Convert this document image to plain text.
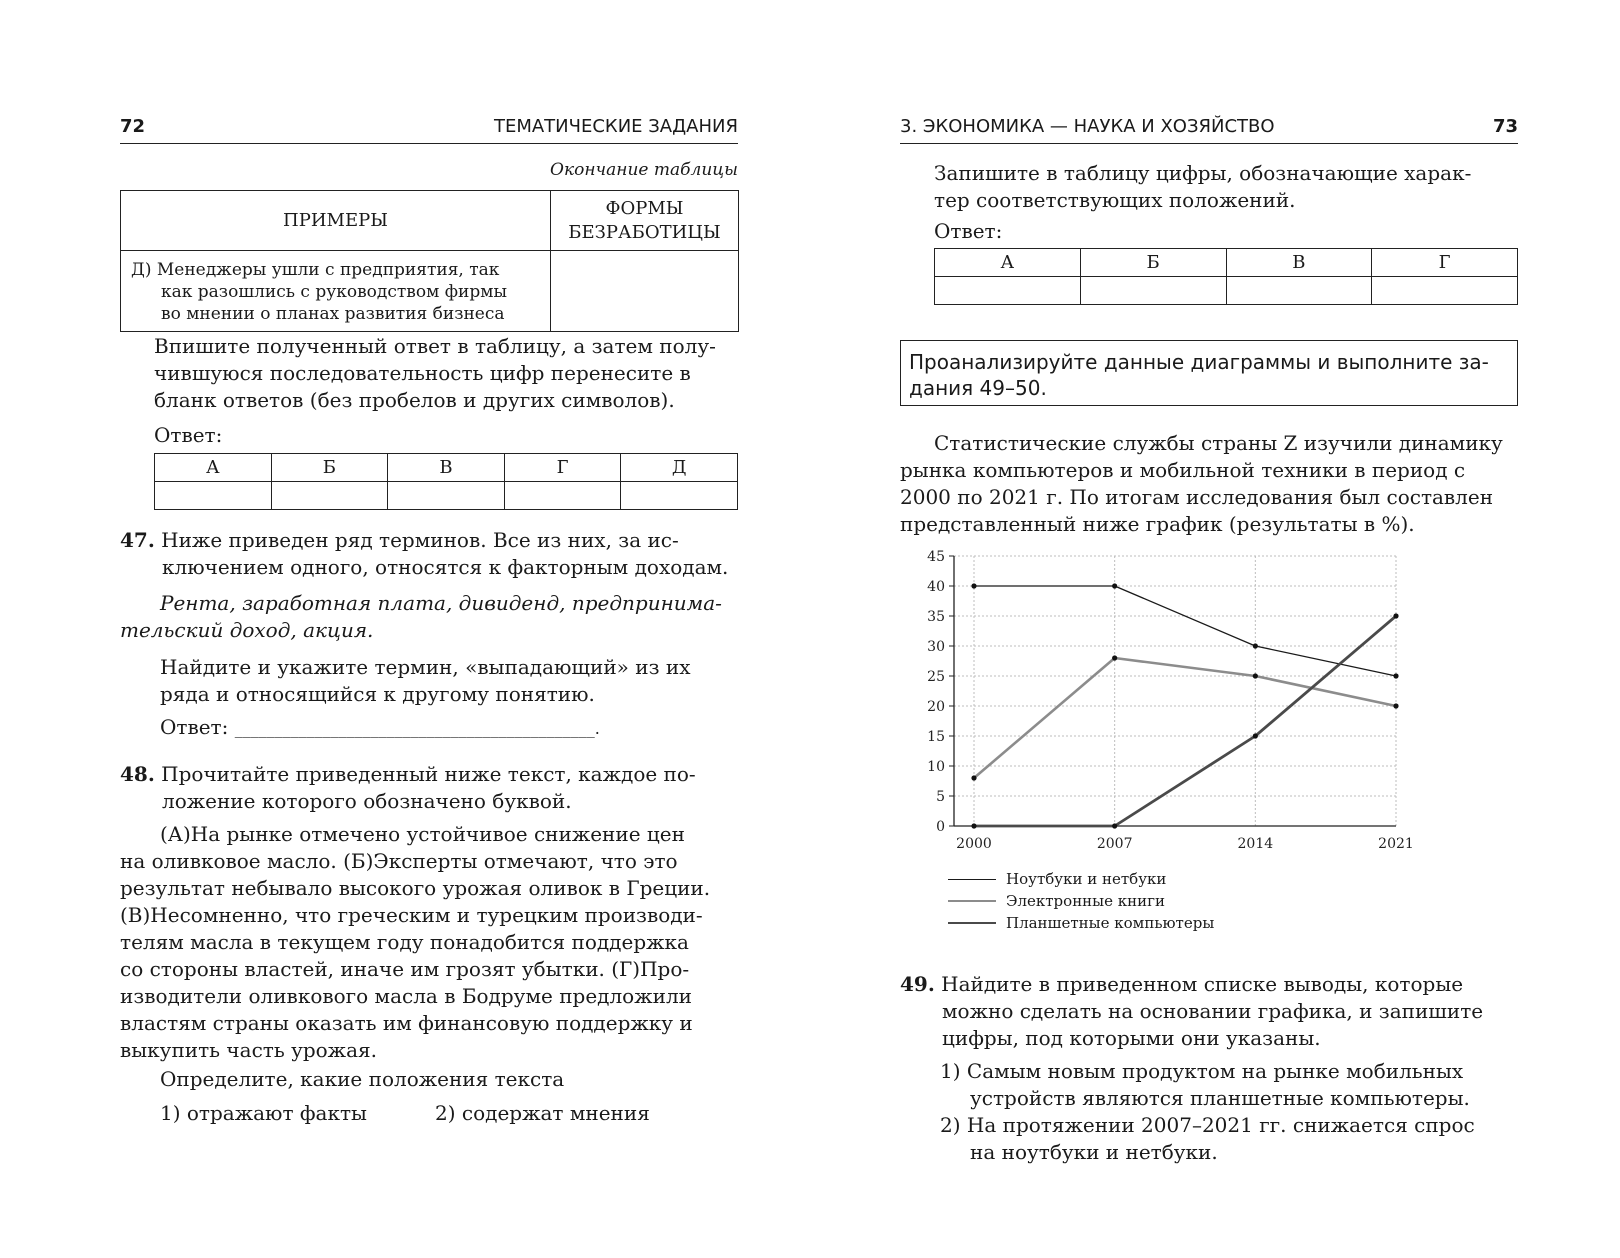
72	ТЕМАТИЧЕСКИЕ ЗАДАНИЯ
Окончание таблицы
ПРИМЕРЫ	ФОРМЫ
БЕЗРАБОТИЦЫ

Д) Менеджеры ушли с предприятия, так
как разошлись с руководством фирмы
во мнении о планах развития бизнеса	

Впишите полученный ответ в таблицу, а затем полу-
чившуюся последовательность цифр перенесите в
бланк ответов (без пробелов и других символов).
Ответ:
А	Б	В	Г	Д

47. Ниже приведен ряд терминов. Все из них, за ис-
ключением одного, относятся к факторным доходам.
Рента, заработная плата, дивиденд, предпринима-
тельский доход, акция.
Найдите и укажите термин, «выпадающий» из их
ряда и относящийся к другому понятию.
Ответ: _____________________________________________.
48. Прочитайте приведенный ниже текст, каждое по-
ложение которого обозначено буквой.
(А)На рынке отмечено устойчивое снижение цен
на оливковое масло. (Б)Эксперты отмечают, что это
результат небывало высокого урожая оливок в Греции.
(В)Несомненно, что греческим и турецким производи-
телям масла в текущем году понадобится поддержка
со стороны властей, иначе им грозят убытки. (Г)Про-
изводители оливкового масла в Бодруме предложили
властям страны оказать им финансовую поддержку и
выкупить часть урожая.
Определите, какие положения текста
1) отражают факты	2) содержат мнения
3. ЭКОНОМИКА — НАУКА И ХОЗЯЙСТВО	73
Запишите в таблицу цифры, обозначающие харак-
тер соответствующих положений.
Ответ:
А	Б	В	Г

Проанализируйте данные диаграммы и выполните за-
дания 49–50.
Статистические службы страны Z изучили динамику
рынка компьютеров и мобильной техники в период с
2000 по 2021 г. По итогам исследования был составлен
представленный ниже график (результаты в %).
0
5
10
15
20
25
30
35
40
45
2000	2007	2014	2021
Ноутбуки и нетбуки
Электронные книги
Планшетные компьютеры
49. Найдите в приведенном списке выводы, которые
можно сделать на основании графика, и запишите
цифры, под которыми они указаны.
1) Самым новым продуктом на рынке мобильных
устройств являются планшетные компьютеры.
2) На протяжении 2007–2021 гг. снижается спрос
на ноутбуки и нетбуки.
